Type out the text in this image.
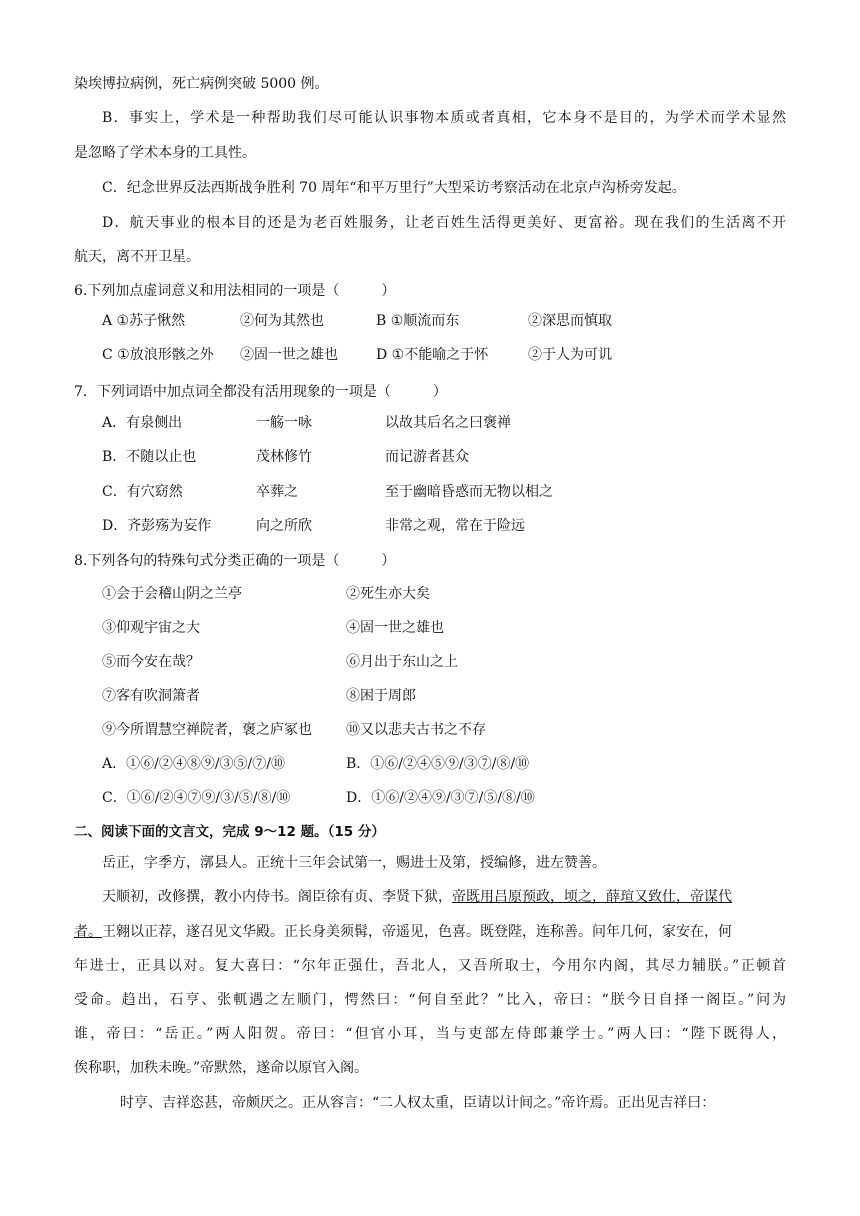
染埃博拉病例，死亡病例突破 5000 例。
B．事实上，学术是一种帮助我们尽可能认识事物本质或者真相，它本身不是目的，为学术而学术显然
是忽略了学术本身的工具性。
C．纪念世界反法西斯战争胜利 70 周年“和平万里行”大型采访考察活动在北京卢沟桥旁发起。
D．航天事业的根本目的还是为老百姓服务，让老百姓生活得更美好、更富裕。现在我们的生活离不开
航天，离不开卫星。
6.下列加点虚词意义和用法相同的一项是（　　　）
A ①苏子愀然	②何为其然也	B ①顺流而东	②深思而慎取
C ①放浪形骸之外 ②固一世之雄也	D ①不能喻之于怀	②于人为可讥
7．下列词语中加点词全都没有活用现象的一项是（　　　）
A．有泉侧出	一觞一咏	以故其后名之曰褒禅
B．不随以止也	茂林修竹	而记游者甚众
C．有穴窈然	卒葬之	至于幽暗昏惑而无物以相之
D．齐彭殇为妄作	向之所欣	非常之观，常在于险远
8.下列各句的特殊句式分类正确的一项是（　　　）
①会于会稽山阴之兰亭	②死生亦大矣
③仰观宇宙之大	④固一世之雄也
⑤而今安在哉？	⑥月出于东山之上
⑦客有吹洞箫者	⑧困于周郎
⑨今所谓慧空禅院者，褒之庐冢也 ⑩又以悲夫古书之不存
A．①⑥/②④⑧⑨/③⑤/⑦/⑩	B．①⑥/②④⑤⑨/③⑦/⑧/⑩
C．①⑥/②④⑦⑨/③/⑤/⑧/⑩	D．①⑥/②④⑨/③⑦/⑤/⑧/⑩
二、阅读下面的文言文，完成 9～12 题。（15 分）
岳正，字季方，漷县人。正统十三年会试第一，赐进士及第，授编修，进左赞善。
天顺初，改修撰，教小内侍书。阁臣徐有贞、李贤下狱，帝既用吕原预政，顷之，薛瑄又致仕，帝谋代
者。王翱以正荐，遂召见文华殿。正长身美须髯，帝遥见，色喜。既登陛，连称善。问年几何，家安在，何
年进士，正具以对。复大喜曰：“尔年正强仕，吾北人，又吾所取士，今用尔内阁，其尽力辅朕。”正顿首
受命。趋出，石亨、张軏遇之左顺门，愕然曰：“何自至此？”比入，帝曰：“朕今日自择一阁臣。”问为
谁，帝曰：“岳正。”两人阳贺。帝曰：“但官小耳，当与吏部左侍郎兼学士。”两人曰：“陛下既得人，
俟称职，加秩未晚。”帝默然，遂命以原官入阁。
时亨、吉祥恣甚，帝颇厌之。正从容言：“二人权太重，臣请以计间之。”帝许焉。正出见吉祥曰：
